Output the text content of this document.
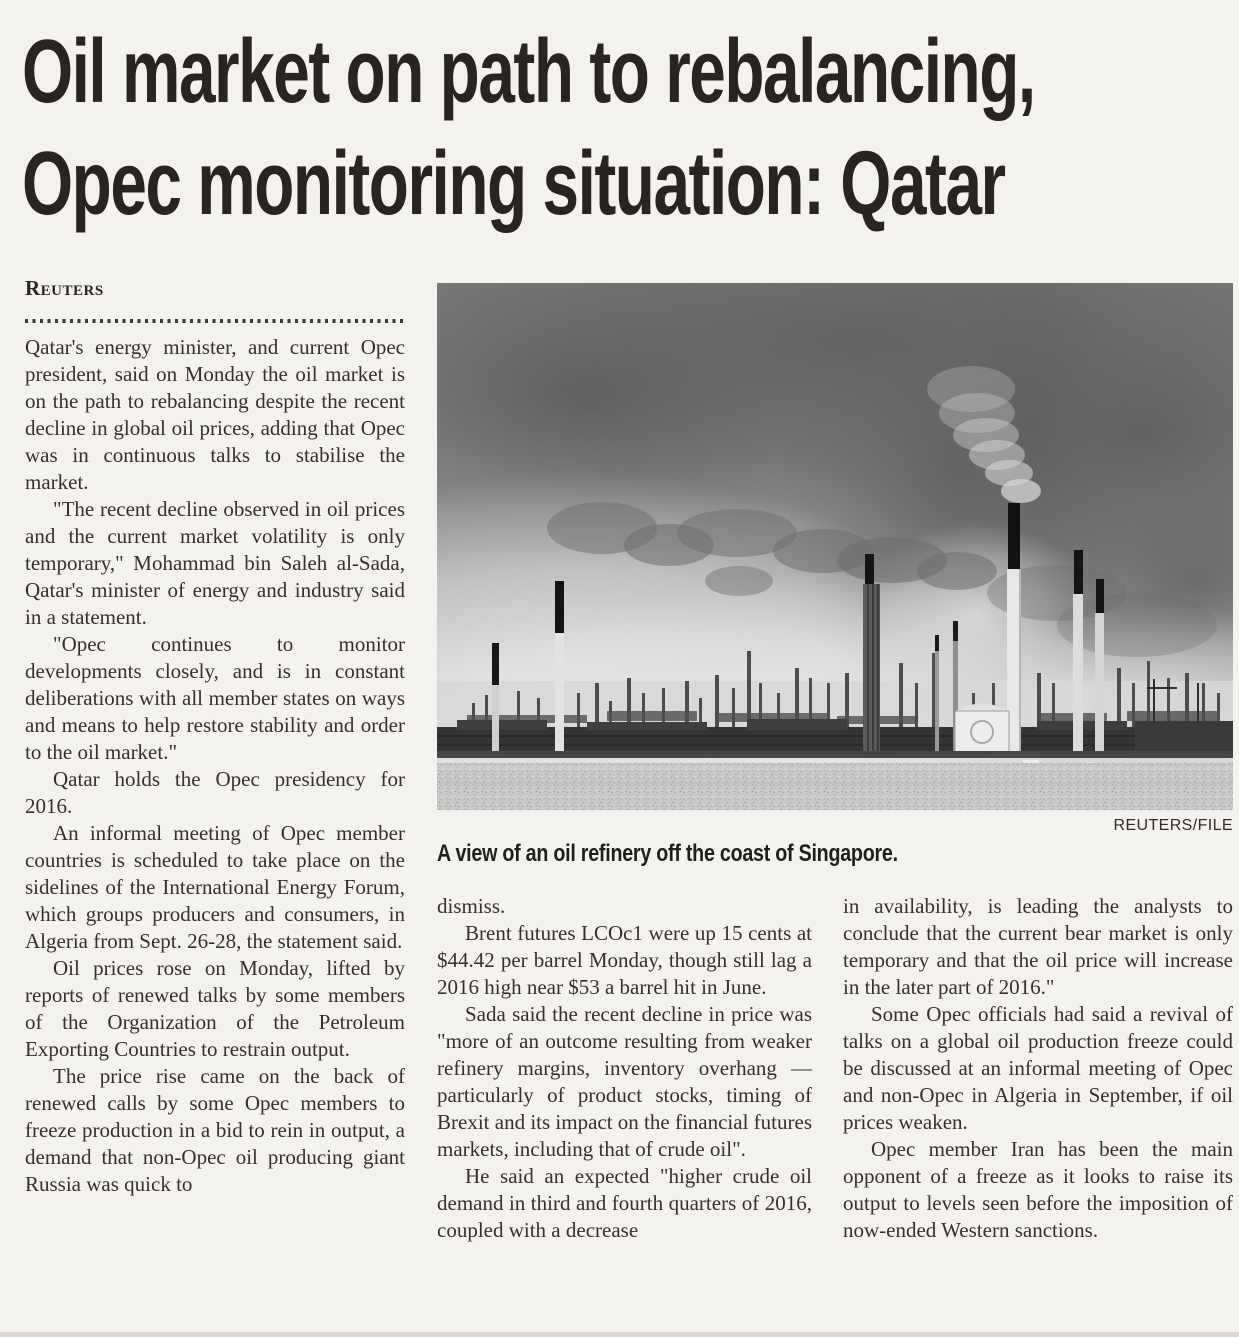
Oil market on path to rebalancing,
Opec monitoring situation: Qatar
Reuters

Qatar's energy minister, and current Opec president, said on Monday the oil market is on the path to rebalancing despite the recent decline in global oil prices, adding that Opec was in continuous talks to stabilise the market.

"The recent decline observed in oil prices and the current market volatility is only temporary," Mohammad bin Saleh al-Sada, Qatar's minister of energy and industry said in a statement.

"Opec continues to monitor developments closely, and is in constant deliberations with all member states on ways and means to help restore stability and order to the oil market."

Qatar holds the Opec presidency for 2016.

An informal meeting of Opec member countries is scheduled to take place on the sidelines of the International Energy Forum, which groups producers and consumers, in Algeria from Sept. 26-28, the statement said.

Oil prices rose on Monday, lifted by reports of renewed talks by some members of the Organization of the Petroleum Exporting Countries to restrain output.

The price rise came on the back of renewed calls by some Opec members to freeze production in a bid to rein in output, a demand that non-Opec oil producing giant Russia was quick to

REUTERS/FILE
A view of an oil refinery off the coast of Singapore.

dismiss.

Brent futures LCOc1 were up 15 cents at $44.42 per barrel Monday, though still lag a 2016 high near $53 a barrel hit in June.

Sada said the recent decline in price was "more of an outcome resulting from weaker refinery margins, inventory overhang — particularly of product stocks, timing of Brexit and its impact on the financial futures markets, including that of crude oil".

He said an expected "higher crude oil demand in third and fourth quarters of 2016, coupled with a decrease

in availability, is leading the analysts to conclude that the current bear market is only temporary and that the oil price will increase in the later part of 2016."

Some Opec officials had said a revival of talks on a global oil production freeze could be discussed at an informal meeting of Opec and non-Opec in Algeria in September, if oil prices weaken.

Opec member Iran has been the main opponent of a freeze as it looks to raise its output to levels seen before the imposition of now-ended Western sanctions.
